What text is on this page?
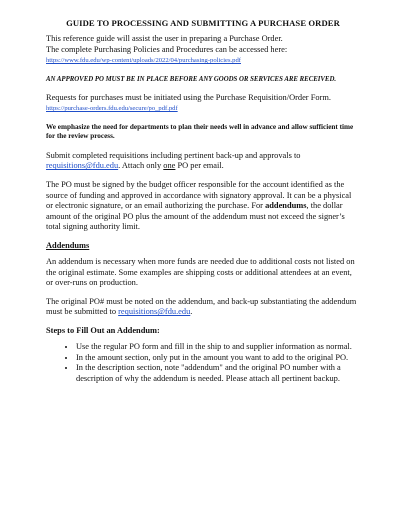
GUIDE TO PROCESSING AND SUBMITTING A PURCHASE ORDER
This reference guide will assist the user in preparing a Purchase Order.
The complete Purchasing Policies and Procedures can be accessed here:
https://www.fdu.edu/wp-content/uploads/2022/04/purchasing-policies.pdf
AN APPROVED PO MUST BE IN PLACE BEFORE ANY GOODS OR SERVICES ARE RECEIVED.
Requests for purchases must be initiated using the Purchase Requisition/Order Form. https://purchase-orders.fdu.edu/secure/po_pdf.pdf
We emphasize the need for departments to plan their needs well in advance and allow sufficient time for the review process.
Submit completed requisitions including pertinent back-up and approvals to requisitions@fdu.edu. Attach only one PO per email.
The PO must be signed by the budget officer responsible for the account identified as the source of funding and approved in accordance with signatory approval. It can be a physical or electronic signature, or an email authorizing the purchase. For addendums, the dollar amount of the original PO plus the amount of the addendum must not exceed the signer’s total signing authority limit.
Addendums
An addendum is necessary when more funds are needed due to additional costs not listed on the original estimate. Some examples are shipping costs or additional attendees at an event, or over-runs on production.
The original PO# must be noted on the addendum, and back-up substantiating the addendum must be submitted to requisitions@fdu.edu.
Steps to Fill Out an Addendum:
• Use the regular PO form and fill in the ship to and supplier information as normal.
• In the amount section, only put in the amount you want to add to the original PO.
• In the description section, note "addendum" and the original PO number with a description of why the addendum is needed. Please attach all pertinent backup.
